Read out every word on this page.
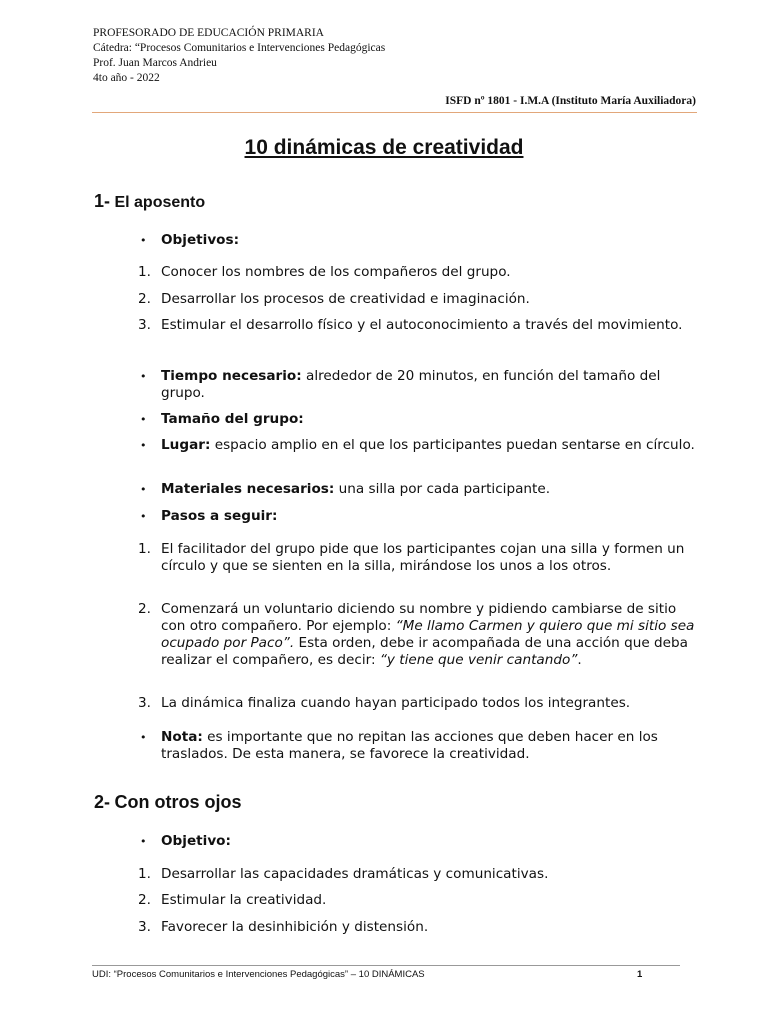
PROFESORADO DE EDUCACIÓN PRIMARIA
Cátedra: “Procesos Comunitarios e Intervenciones Pedagógicas
Prof. Juan Marcos Andrieu
4to año - 2022
ISFD nº 1801 - I.M.A (Instituto María Auxiliadora)
10 dinámicas de creatividad
1- El aposento
•	Objetivos:
1. Conocer los nombres de los compañeros del grupo.
2. Desarrollar los procesos de creatividad e imaginación.
3. Estimular el desarrollo físico y el autoconocimiento a través del movimiento.
•	Tiempo necesario: alrededor de 20 minutos, en función del tamaño del grupo.
•	Tamaño del grupo:
•	Lugar: espacio amplio en el que los participantes puedan sentarse en círculo.
•	Materiales necesarios: una silla por cada participante.
•	Pasos a seguir:
1. El facilitador del grupo pide que los participantes cojan una silla y formen un círculo y que se sienten en la silla, mirándose los unos a los otros.
2. Comenzará un voluntario diciendo su nombre y pidiendo cambiarse de sitio con otro compañero. Por ejemplo: “Me llamo Carmen y quiero que mi sitio sea ocupado por Paco”. Esta orden, debe ir acompañada de una acción que deba realizar el compañero, es decir: “y tiene que venir cantando”.
3. La dinámica finaliza cuando hayan participado todos los integrantes.
•	Nota: es importante que no repitan las acciones que deben hacer en los traslados. De esta manera, se favorece la creatividad.
2- Con otros ojos
•	Objetivo:
1. Desarrollar las capacidades dramáticas y comunicativas.
2. Estimular la creatividad.
3. Favorecer la desinhibición y distensión.
UDI: “Procesos Comunitarios e Intervenciones Pedagógicas” – 10 DINÁMICAS	1
